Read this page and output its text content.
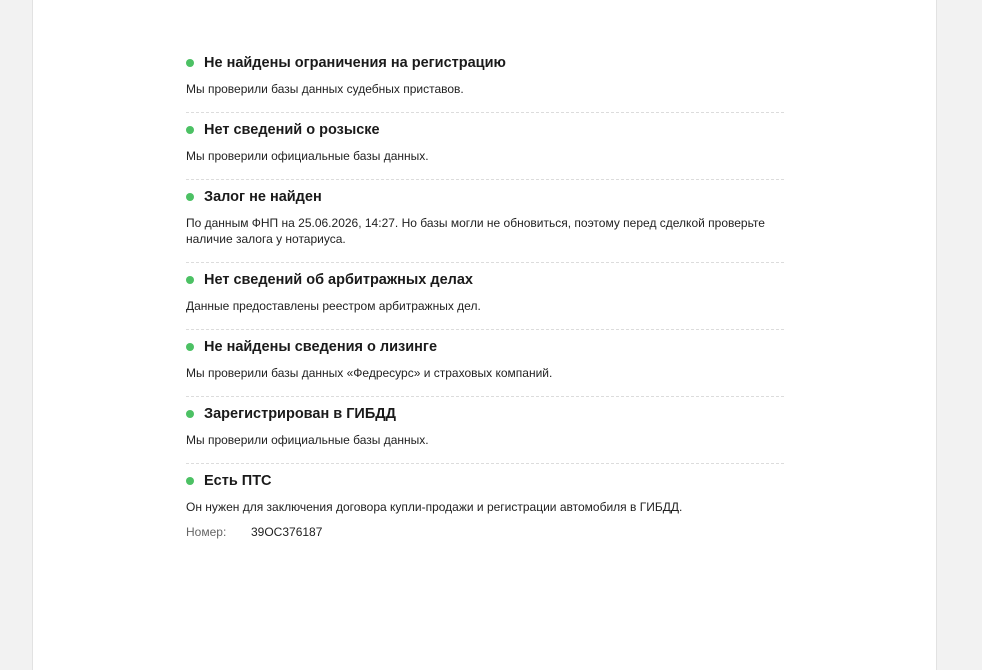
Не найдены ограничения на регистрацию
Мы проверили базы данных судебных приставов.
Нет сведений о розыске
Мы проверили официальные базы данных.
Залог не найден
По данным ФНП на 25.06.2026, 14:27. Но базы могли не обновиться, поэтому перед сделкой проверьте наличие залога у нотариуса.
Нет сведений об арбитражных делах
Данные предоставлены реестром арбитражных дел.
Не найдены сведения о лизинге
Мы проверили базы данных «Федресурс» и страховых компаний.
Зарегистрирован в ГИБДД
Мы проверили официальные базы данных.
Есть ПТС
Он нужен для заключения договора купли-продажи и регистрации автомобиля в ГИБДД.
Номер:	39ОС376187
